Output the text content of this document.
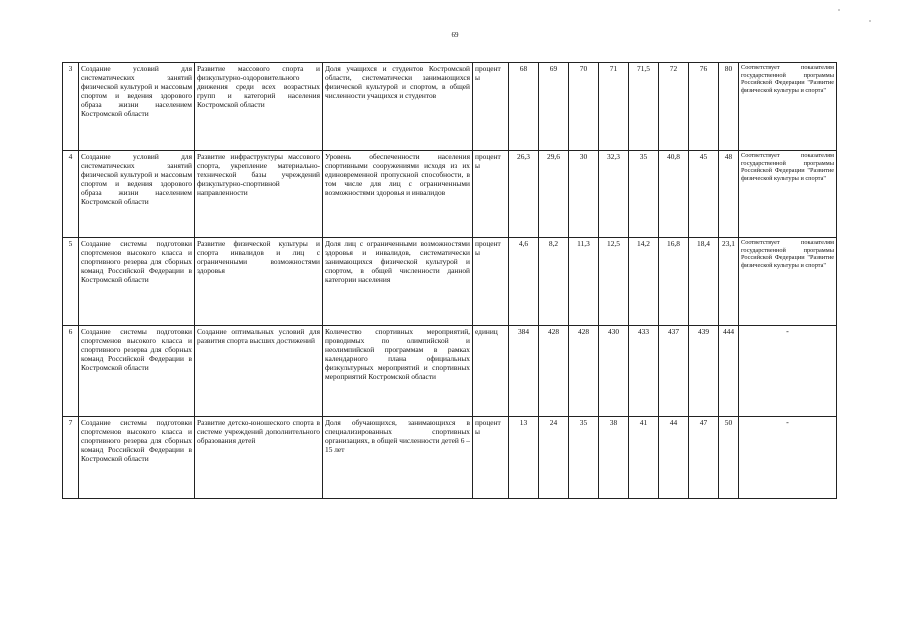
69
3	Создание условий для систематических занятий физической культурой и массовым спортом и ведения здорового образа жизни населением Костромской области	Развитие массового спорта и физкультурно-оздоровительного движения среди всех возрастных групп и категорий населения Костромской области	Доля учащихся и студентов Костромской области, систематически занимающихся физической культурой и спортом, в общей численности учащихся и студентов	процент ы	68	69	70	71	71,5	72	76	80	Соответствует показателям государственной программы Российской Федерации "Развитие физической культуры и спорта"
4	Создание условий для систематических занятий физической культурой и массовым спортом и ведения здорового образа жизни населением Костромской области	Развитие инфраструктуры массового спорта, укрепление материально-технической базы учреждений физкультурно-спортивной направленности	Уровень обеспеченности населения спортивными сооружениями исходя из их единовременной пропускной способности, в том числе для лиц с ограниченными возможностями здоровья и инвалидов	процент ы	26,3	29,6	30	32,3	35	40,8	45	48	Соответствует показателям государственной программы Российской Федерации "Развитие физической культуры и спорта"
5	Создание системы подготовки спортсменов высокого класса и спортивного резерва для сборных команд Российской Федерации в Костромской области	Развитие физической культуры и спорта инвалидов и лиц с ограниченными возможностями здоровья	Доля лиц с ограниченными возможностями здоровья и инвалидов, систематически занимающихся физической культурой и спортом, в общей численности данной категории населения	процент ы	4,6	8,2	11,3	12,5	14,2	16,8	18,4	23,1	Соответствует показателям государственной программы Российской Федерации "Развитие физической культуры и спорта"
6	Создание системы подготовки спортсменов высокого класса и спортивного резерва для сборных команд Российской Федерации в Костромской области	Создание оптимальных условий для развития спорта высших достижений	Количество спортивных мероприятий, проводимых по олимпийской и неолимпийской программам в рамках календарного плана официальных физкультурных мероприятий и спортивных мероприятий Костромской области	единиц	384	428	428	430	433	437	439	444	-
7	Создание системы подготовки спортсменов высокого класса и спортивного резерва для сборных команд Российской Федерации в Костромской области	Развитие детско-юношеского спорта в системе учреждений дополнительного образования детей	Доля обучающихся, занимающихся в специализированных спортивных организациях, в общей численности детей 6 – 15 лет	процент ы	13	24	35	38	41	44	47	50	-
